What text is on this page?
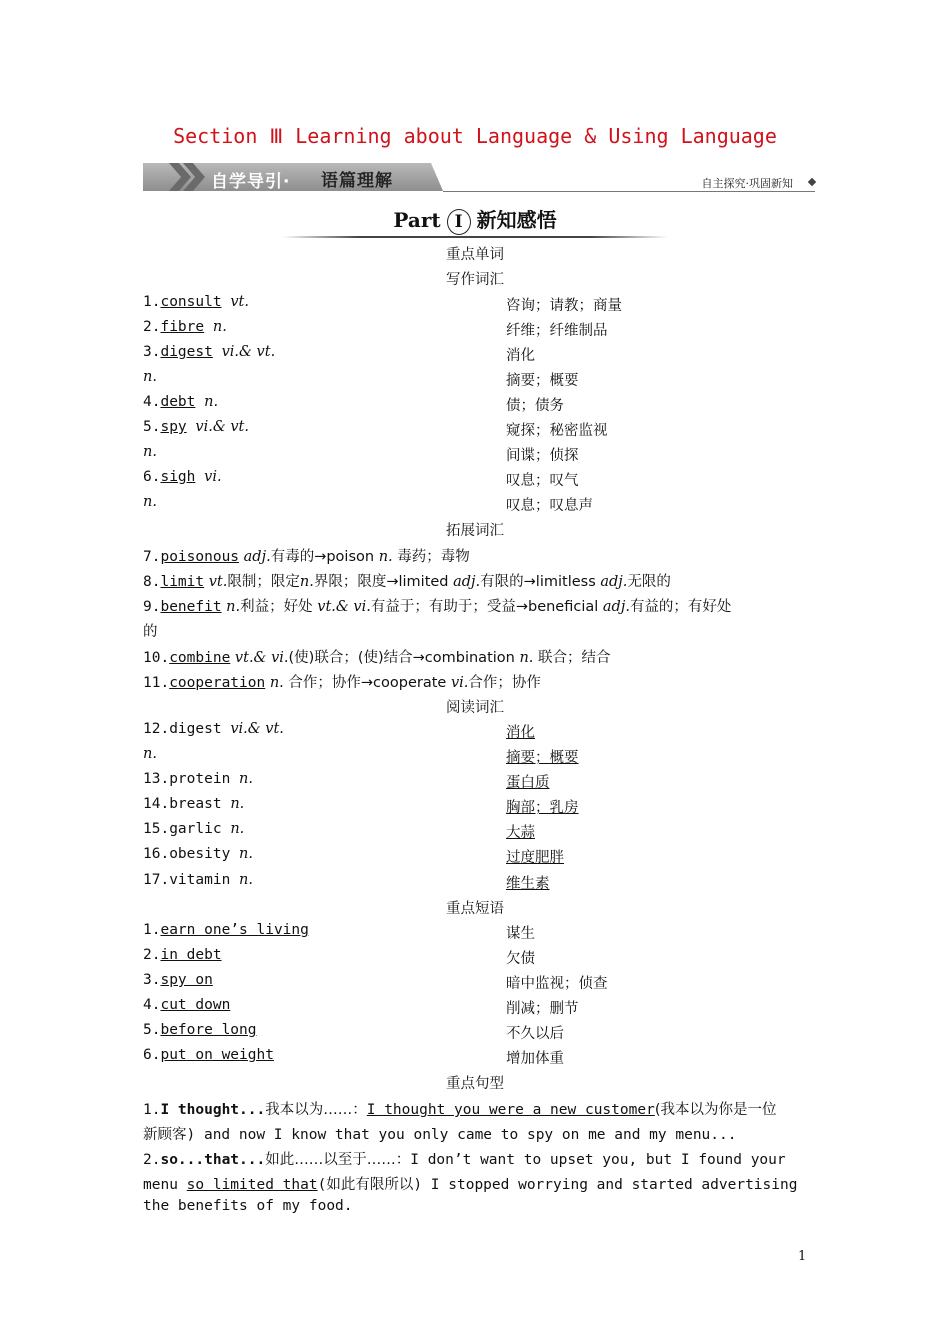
Section Ⅲ Learning about Language & Using Language
自学导引· 语篇理解	自主探究·巩固新知
Part I 新知感悟
重点单词
写作词汇
1.consult vt.	咨询；请教；商量
2.fibre n.	纤维；纤维制品
3.digest vi.& vt.	消化
n.	摘要；概要
4.debt n.	债；债务
5.spy vi.& vt.	窥探；秘密监视
n.	间谍；侦探
6.sigh vi.	叹息；叹气
n.	叹息；叹息声
拓展词汇
7.poisonous adj.有毒的→poison n. 毒药；毒物
8.limit vt.限制；限定n.界限；限度→limited adj.有限的→limitless adj.无限的
9.benefit n.利益；好处 vt.& vi.有益于；有助于；受益→beneficial adj.有益的；有好处
的
10.combine vt.& vi.(使)联合；(使)结合→combination n. 联合；结合
11.cooperation n. 合作；协作→cooperate vi.合作；协作
阅读词汇
12.digest vi.& vt.	消化
n.	摘要；概要
13.protein n.	蛋白质
14.breast n.	胸部；乳房
15.garlic n.	大蒜
16.obesity n.	过度肥胖
17.vitamin n.	维生素
重点短语
1.earn one’s living	谋生
2.in debt	欠债
3.spy on	暗中监视；侦查
4.cut down	削减；删节
5.before long	不久以后
6.put on weight	增加体重
重点句型
1.I thought...我本以为……：I thought you were a new customer(我本以为你是一位
新顾客) and now I know that you only came to spy on me and my menu...
2.so...that...如此……以至于……：I don’t want to upset you, but I found your
menu so limited that(如此有限所以) I stopped worrying and started advertising
the benefits of my food.
1
